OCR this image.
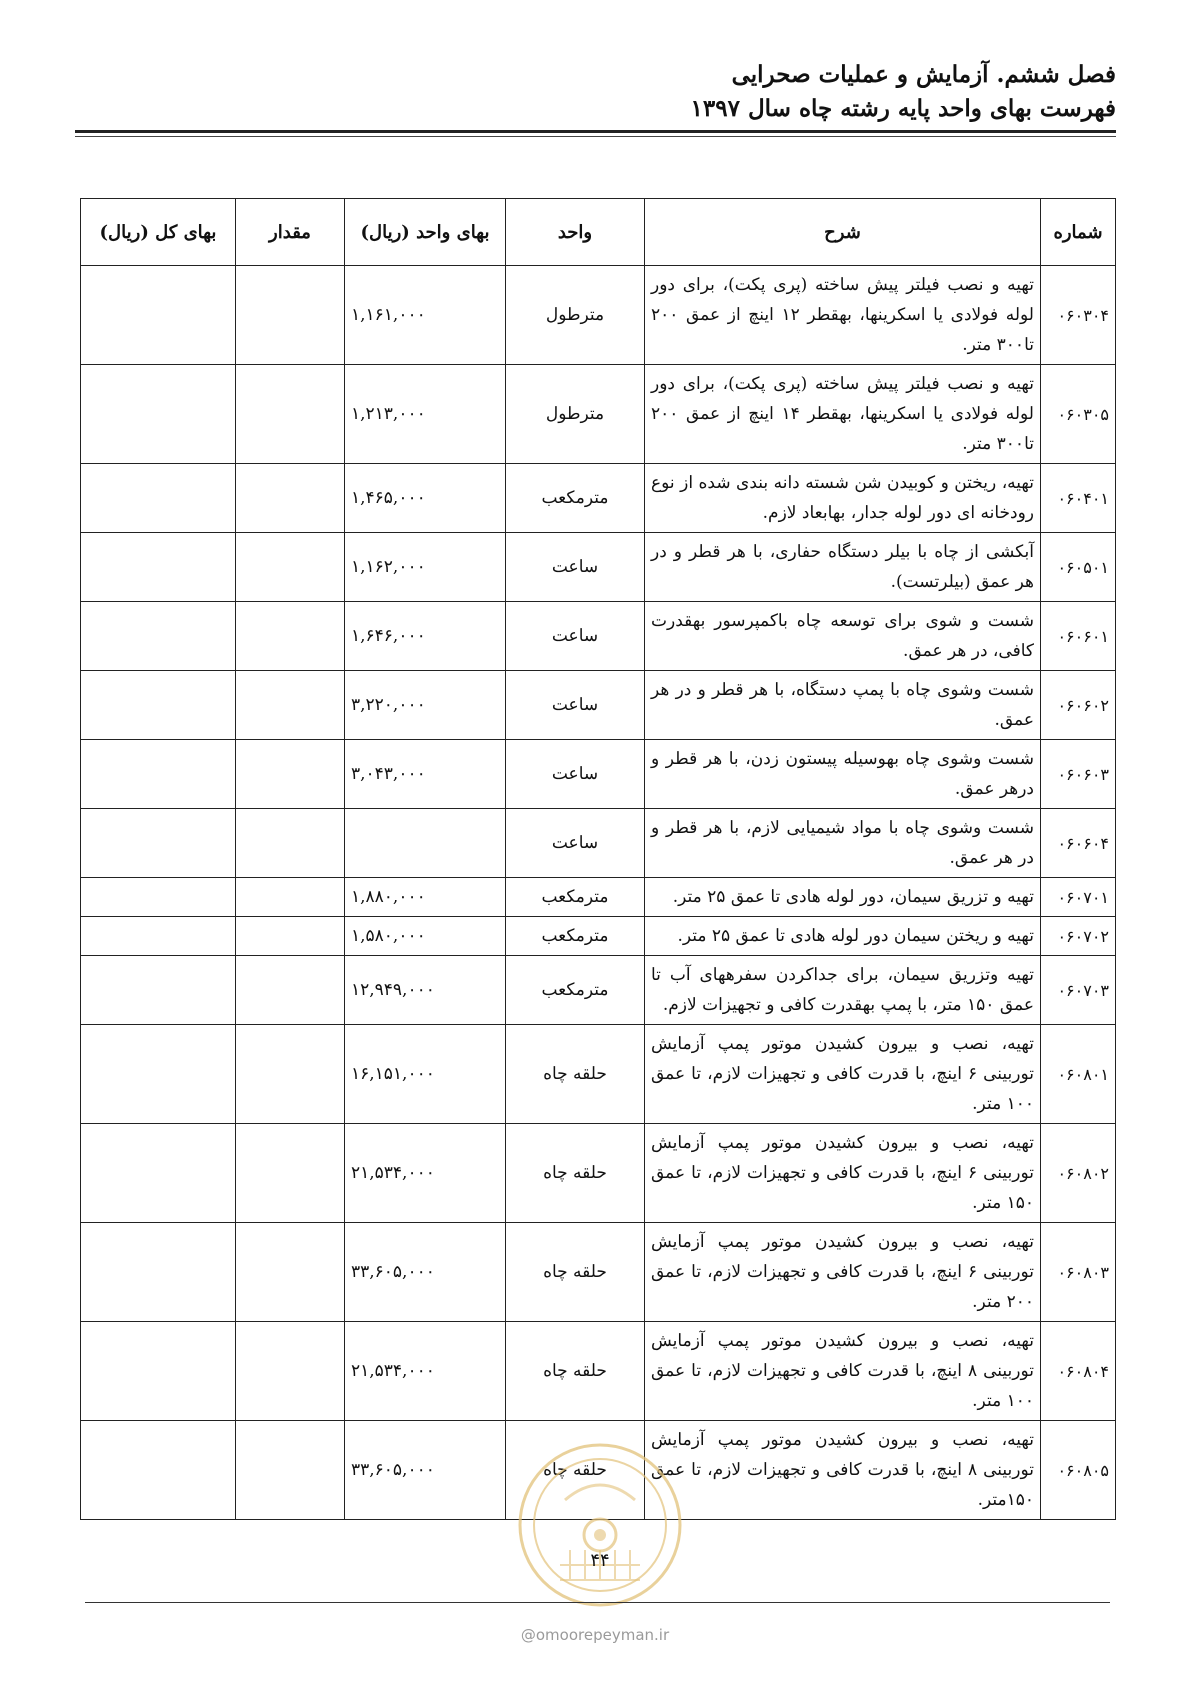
فصل ششم. آزمایش و عملیات صحرایی
فهرست بهای واحد پایه رشته چاه سال ۱۳۹۷
شماره	شرح	واحد	بهای واحد (ریال)	مقدار	بهای کل (ریال)
۰۶۰۳۰۴	تهیه و نصب فیلتر پیش ساخته (پری پکت)، برای دور لوله فولادی یا اسکرینها، بهقطر ۱۲ اینچ از عمق ۲۰۰ تا۳۰۰ متر.	مترطول	۱,۱۶۱,۰۰۰		
۰۶۰۳۰۵	تهیه و نصب فیلتر پیش ساخته (پری پکت)، برای دور لوله فولادی یا اسکرینها، بهقطر ۱۴ اینچ از عمق ۲۰۰ تا۳۰۰ متر.	مترطول	۱,۲۱۳,۰۰۰		
۰۶۰۴۰۱	تهیه، ریختن و کوبیدن شن شسته دانه بندی شده از نوع رودخانه ای دور لوله جدار، بهابعاد لازم.	مترمکعب	۱,۴۶۵,۰۰۰		
۰۶۰۵۰۱	آبکشی از چاه با بیلر دستگاه حفاری، با هر قطر و در هر عمق (بیلرتست).	ساعت	۱,۱۶۲,۰۰۰		
۰۶۰۶۰۱	شست و شوی برای توسعه چاه باکمپرسور بهقدرت کافی، در هر عمق.	ساعت	۱,۶۴۶,۰۰۰		
۰۶۰۶۰۲	شست وشوی چاه با پمپ دستگاه، با هر قطر و در هر عمق.	ساعت	۳,۲۲۰,۰۰۰		
۰۶۰۶۰۳	شست وشوی چاه بهوسیله پیستون زدن، با هر قطر و درهر عمق.	ساعت	۳,۰۴۳,۰۰۰		
۰۶۰۶۰۴	شست وشوی چاه با مواد شیمیایی لازم، با هر قطر و در هر عمق.	ساعت			
۰۶۰۷۰۱	تهیه و تزریق سیمان، دور لوله هادی تا عمق ۲۵ متر.	مترمکعب	۱,۸۸۰,۰۰۰		
۰۶۰۷۰۲	تهیه و ریختن سیمان دور لوله هادی تا عمق ۲۵ متر.	مترمکعب	۱,۵۸۰,۰۰۰		
۰۶۰۷۰۳	تهیه وتزریق سیمان، برای جداکردن سفرههای آب تا عمق ۱۵۰ متر، با پمپ بهقدرت کافی و تجهیزات لازم.	مترمکعب	۱۲,۹۴۹,۰۰۰		
۰۶۰۸۰۱	تهیه، نصب و بیرون کشیدن موتور پمپ آزمایش توربینی ۶ اینچ، با قدرت کافی و تجهیزات لازم، تا عمق ۱۰۰ متر.	حلقه چاه	۱۶,۱۵۱,۰۰۰		
۰۶۰۸۰۲	تهیه، نصب و بیرون کشیدن موتور پمپ آزمایش توربینی ۶ اینچ، با قدرت کافی و تجهیزات لازم، تا عمق ۱۵۰ متر.	حلقه چاه	۲۱,۵۳۴,۰۰۰		
۰۶۰۸۰۳	تهیه، نصب و بیرون کشیدن موتور پمپ آزمایش توربینی ۶ اینچ، با قدرت کافی و تجهیزات لازم، تا عمق ۲۰۰ متر.	حلقه چاه	۳۳,۶۰۵,۰۰۰		
۰۶۰۸۰۴	تهیه، نصب و بیرون کشیدن موتور پمپ آزمایش توربینی ۸ اینچ، با قدرت کافی و تجهیزات لازم، تا عمق ۱۰۰ متر.	حلقه چاه	۲۱,۵۳۴,۰۰۰		
۰۶۰۸۰۵	تهیه، نصب و بیرون کشیدن موتور پمپ آزمایش توربینی ۸ اینچ، با قدرت کافی و تجهیزات لازم، تا عمق ۱۵۰متر.	حلقه چاه	۳۳,۶۰۵,۰۰۰		
۴۴
@omoorepeyman.ir
